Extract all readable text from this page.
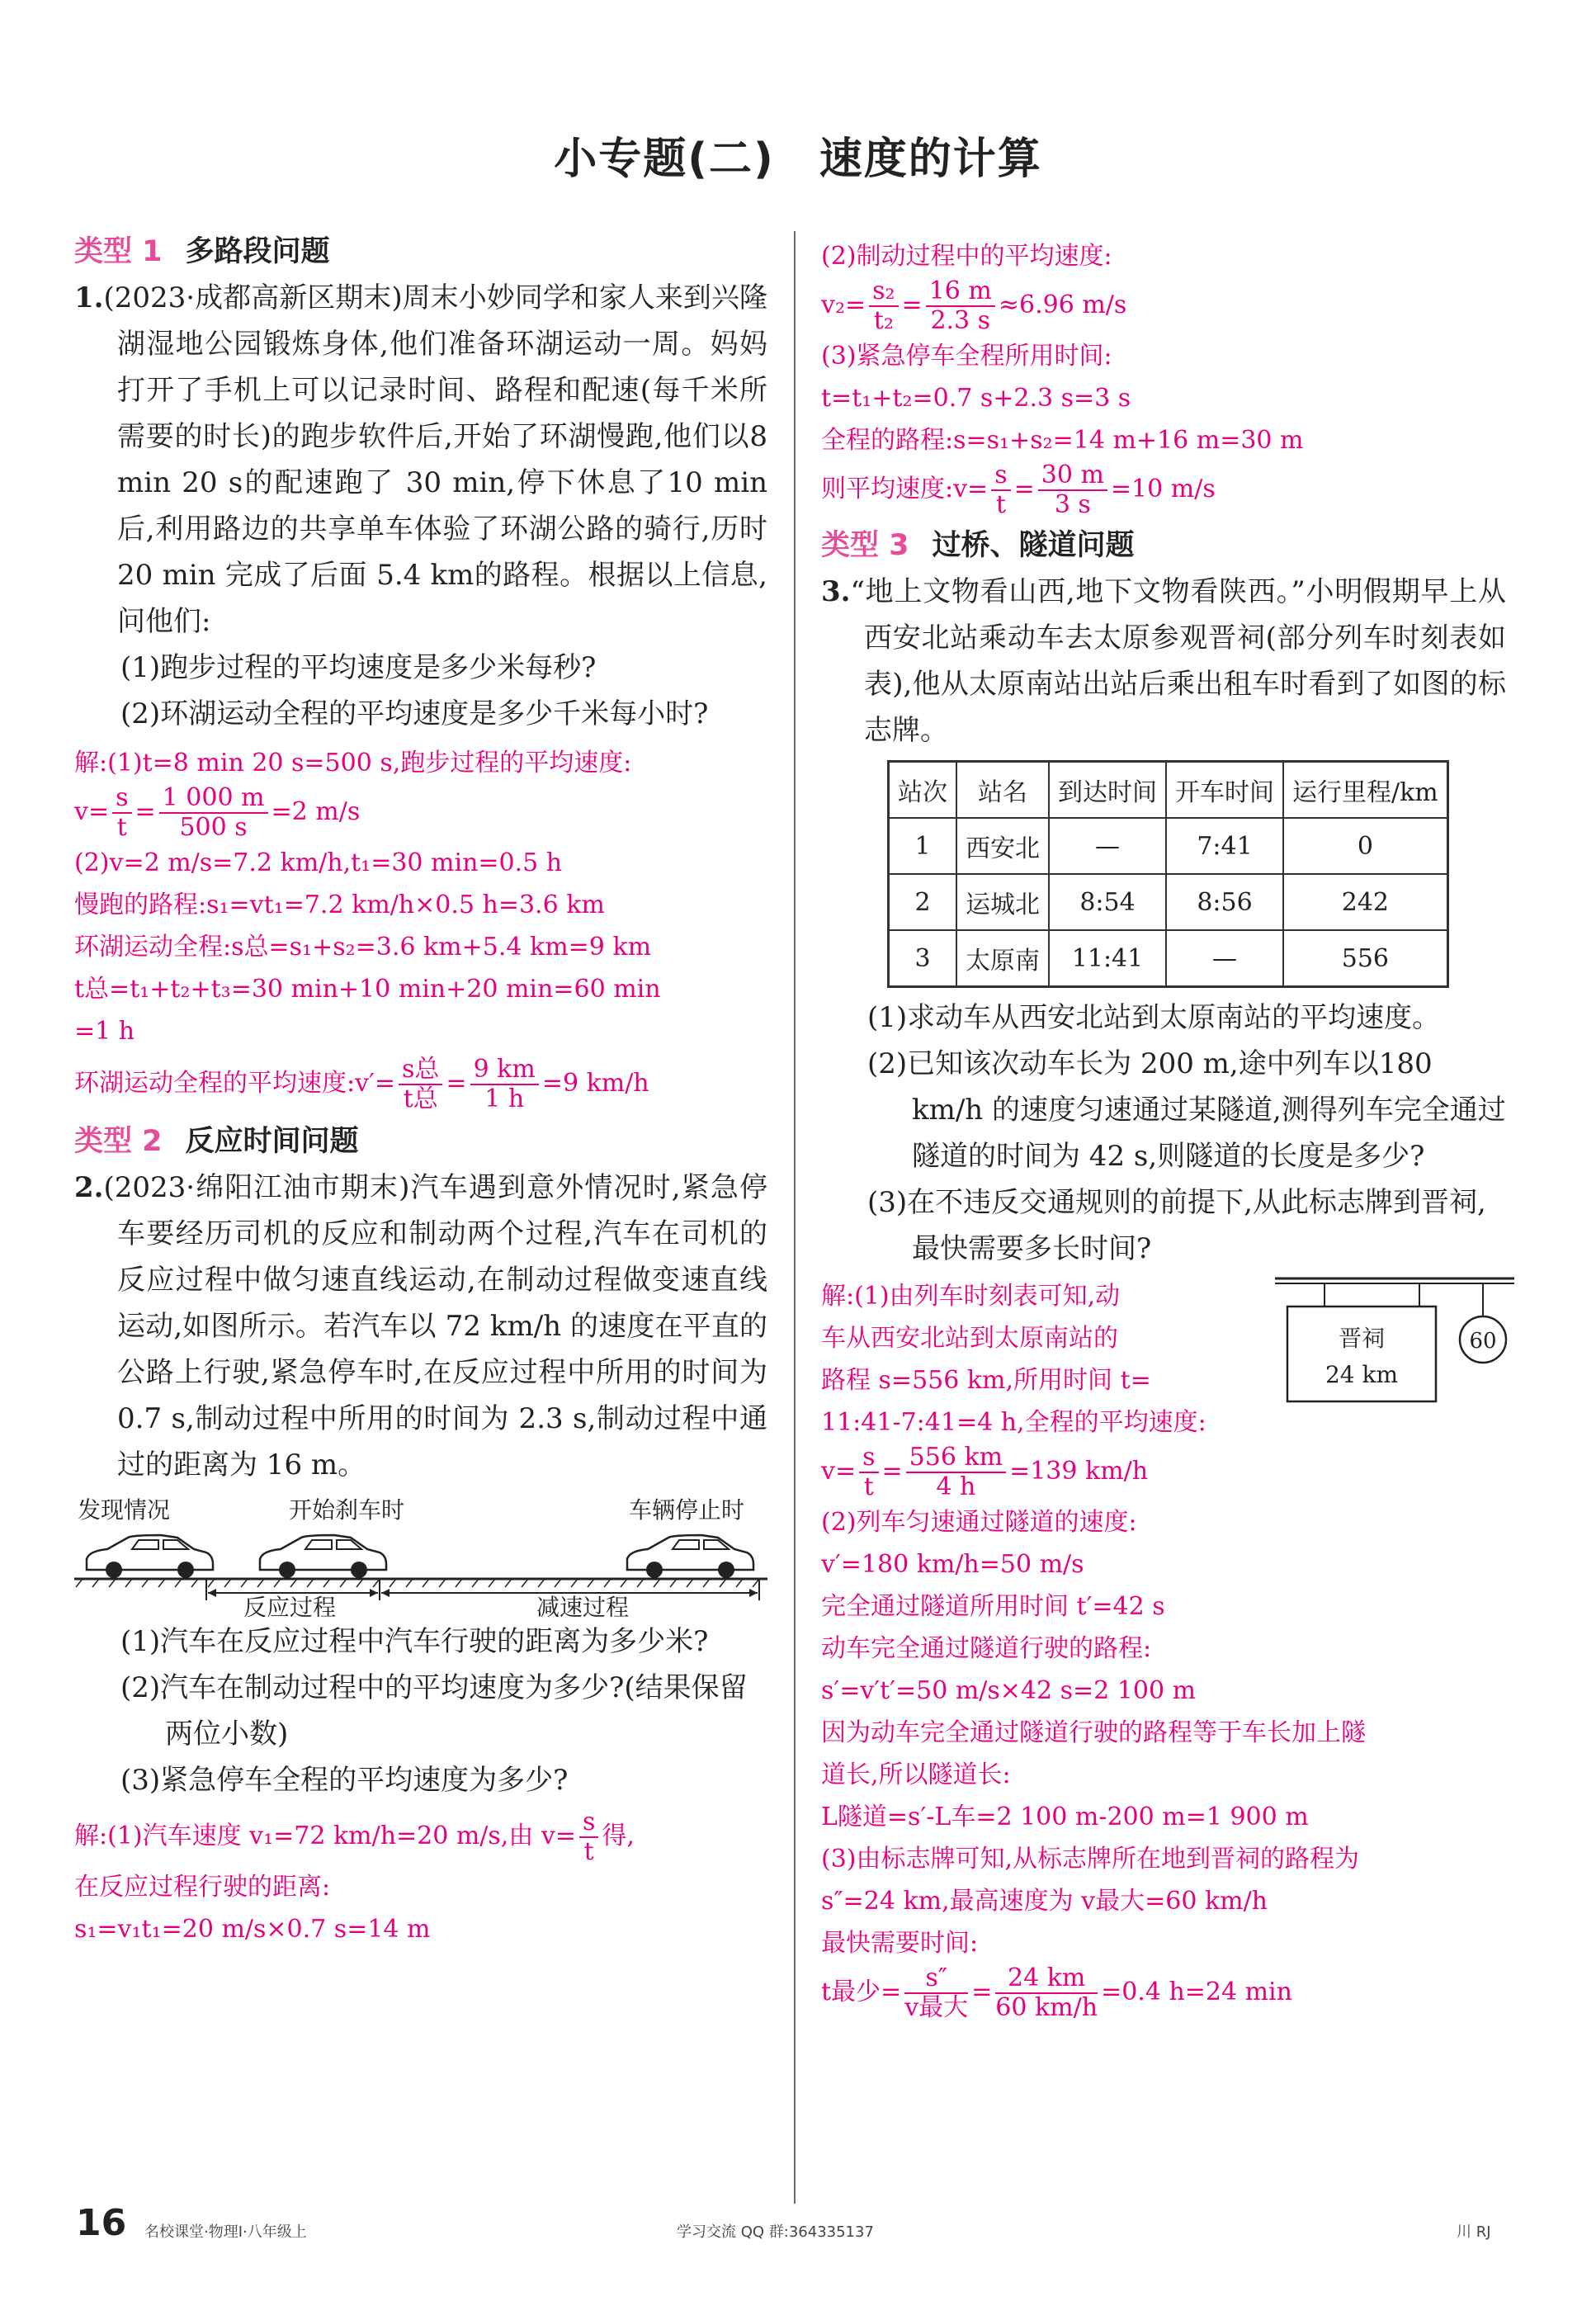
小专题(二)　速度的计算
类型 1 多路段问题

1.(2023·成都高新区期末)周末小妙同学和家人来到兴隆湖湿地公园锻炼身体,他们准备环湖运动一周。妈妈打开了手机上可以记录时间、路程和配速(每千米所需要的时长)的跑步软件后,开始了环湖慢跑,他们以8 min 20 s的配速跑了 30 min,停下休息了10 min后,利用路边的共享单车体验了环湖公路的骑行,历时 20 min 完成了后面 5.4 km的路程。根据以上信息,问他们:

(1)跑步过程的平均速度是多少米每秒?

(2)环湖运动全程的平均速度是多少千米每小时?

解:(1)t=8 min 20 s=500 s,跑步过程的平均速度:

$v= \frac{s}{t} = \frac{1 000 m}{500 s} =2$ m/s

(2)v=2 m/s=7.2 km/h,t₁=30 min=0.5 h

慢跑的路程:s₁=vt₁=7.2 km/h×0.5 h=3.6 km

环湖运动全程:s总=s₁+s₂=3.6 km+5.4 km=9 km

t总=t₁+t₂+t₃=30 min+10 min+20 min=60 min

=1 h

环湖运动全程的平均速度:v′= $\frac{\text{s总}}{\text{t总}} = \frac{9 km}{1 h} =9$ km/h

类型 2 反应时间问题

2.(2023·绵阳江油市期末)汽车遇到意外情况时,紧急停车要经历司机的反应和制动两个过程,汽车在司机的反应过程中做匀速直线运动,在制动过程做变速直线运动,如图所示。若汽车以 72 km/h 的速度在平直的公路上行驶,紧急停车时,在反应过程中所用的时间为 0.7 s,制动过程中所用的时间为 2.3 s,制动过程中通过的距离为 16 m。

发现情况	开始刹车时	车辆停止时
反应过程	减速过程

(1)汽车在反应过程中汽车行驶的距离为多少米?

(2)汽车在制动过程中的平均速度为多少?(结果保留两位小数)

(3)紧急停车全程的平均速度为多少?

解:(1)汽车速度 v₁=72 km/h=20 m/s,由 $v= \frac{s}{t}$ 得,

在反应过程行驶的距离:

s₁=v₁t₁=20 m/s×0.7 s=14 m

(2)制动过程中的平均速度:

$v_2= \frac{\text{s₂}}{\text{t₂}} = \frac{16 m}{2.3 s} \approx 6.96$ m/s

(3)紧急停车全程所用时间:

t=t₁+t₂=0.7 s+2.3 s=3 s

全程的路程:s=s₁+s₂=14 m+16 m=30 m

则平均速度:v= $\frac{s}{t} = \frac{30 m}{3 s} =10$ m/s

类型 3 过桥、隧道问题

3.“地上文物看山西,地下文物看陕西。”小明假期早上从西安北站乘动车去太原参观晋祠(部分列车时刻表如表),他从太原南站出站后乘出租车时看到了如图的标志牌。

站次	站名	到达时间	开车时间	运行里程/km
1	西安北	—	7:41	0
2	运城北	8:54	8:56	242
3	太原南	11:41	—	556

(1)求动车从西安北站到太原南站的平均速度。

(2)已知该次动车长为 200 m,途中列车以180 km/h 的速度匀速通过某隧道,测得列车完全通过隧道的时间为 42 s,则隧道的长度是多少?

(3)在不违反交通规则的前提下,从此标志牌到晋祠,最快需要多长时间?

晋祠
24 km
60

解:(1)由列车时刻表可知,动

车从西安北站到太原南站的

路程 s=556 km,所用时间 t=

11:41-7:41=4 h,全程的平均速度:

$v= \frac{s}{t} = \frac{556 km}{4 h} =139$ km/h

(2)列车匀速通过隧道的速度:

v′=180 km/h=50 m/s

完全通过隧道所用时间 t′=42 s

动车完全通过隧道行驶的路程:

s′=v′t′=50 m/s×42 s=2 100 m

因为动车完全通过隧道行驶的路程等于车长加上隧

道长,所以隧道长:

L隧道=s′-L车=2 100 m-200 m=1 900 m

(3)由标志牌可知,从标志牌所在地到晋祠的路程为

s″=24 km,最高速度为 v最大=60 km/h

最快需要时间:

t最少= $\frac{s''}{\text{v最大}} = \frac{24 km}{60 km/h} =0.4$ h=24 min

16 名校课堂·物理Ⅰ·八年级上	学习交流 QQ 群:364335137	川 RJ
